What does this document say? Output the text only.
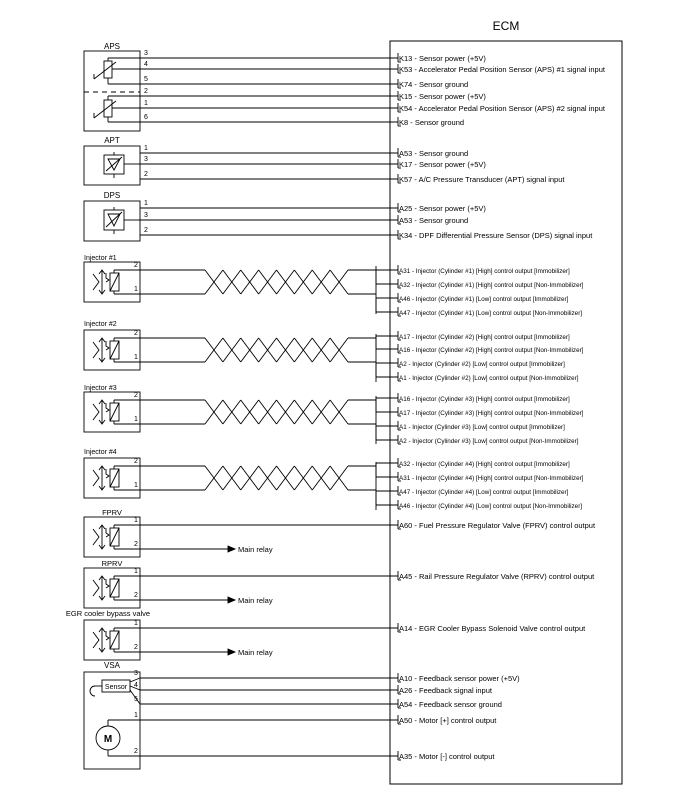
ECM
APS
APT
DPS
VSA
Sensor
M
3
K13 - Sensor power (+5V)
4
K53 - Accelerator Pedal Position Sensor (APS) #1 signal input
5
K74 - Sensor ground
2
K15 - Sensor power (+5V)
1
K54 - Accelerator Pedal Position Sensor (APS) #2 signal input
6
K8 - Sensor ground
1
A53 - Sensor ground
3
K17 - Sensor power (+5V)
2
K57 - A/C Pressure Transducer (APT) signal input
1
A25 - Sensor power (+5V)
3
A53 - Sensor ground
2
K34 - DPF Differential Pressure Sensor (DPS) signal input
Injector #1
2
1
A31 - Injector (Cylinder #1) [High] control output [Immobilizer]
A32 - Injector (Cylinder #1) [High] control output [Non-Immobilizer]
A46 - Injector (Cylinder #1) [Low] control output [Immobilizer]
A47 - Injector (Cylinder #1) [Low] control output [Non-Immobilizer]
Injector #2
2
1
A17 - Injector (Cylinder #2) [High] control output [Immobilizer]
A16 - Injector (Cylinder #2) [High] control output [Non-Immobilizer]
A2 - Injector (Cylinder #2) [Low] control output [Immobilizer]
A1 - Injector (Cylinder #2) [Low] control output [Non-Immobilizer]
Injector #3
2
1
A16 - Injector (Cylinder #3) [High] control output [Immobilizer]
A17 - Injector (Cylinder #3) [High] control output [Non-Immobilizer]
A1 - Injector (Cylinder #3) [Low] control output [Immobilizer]
A2 - Injector (Cylinder #3) [Low] control output [Non-Immobilizer]
Injector #4
2
1
A32 - Injector (Cylinder #4) [High] control output [Immobilizer]
A31 - Injector (Cylinder #4) [High] control output [Non-Immobilizer]
A47 - Injector (Cylinder #4) [Low] control output [Immobilizer]
A46 - Injector (Cylinder #4) [Low] control output [Non-Immobilizer]
FPRV
1
2
A60 - Fuel Pressure Regulator Valve (FPRV) control output
Main relay
RPRV
1
2
A45 - Rail Pressure Regulator Valve (RPRV) control output
Main relay
EGR cooler bypass valve
1
2
A14 - EGR Cooler Bypass Solenoid Valve control output
Main relay
3
A10 - Feedback sensor power (+5V)
4
A26 - Feedback signal input
5
A54 - Feedback sensor ground
1
A50 - Motor [+] control output
2
A35 - Motor [-] control output
